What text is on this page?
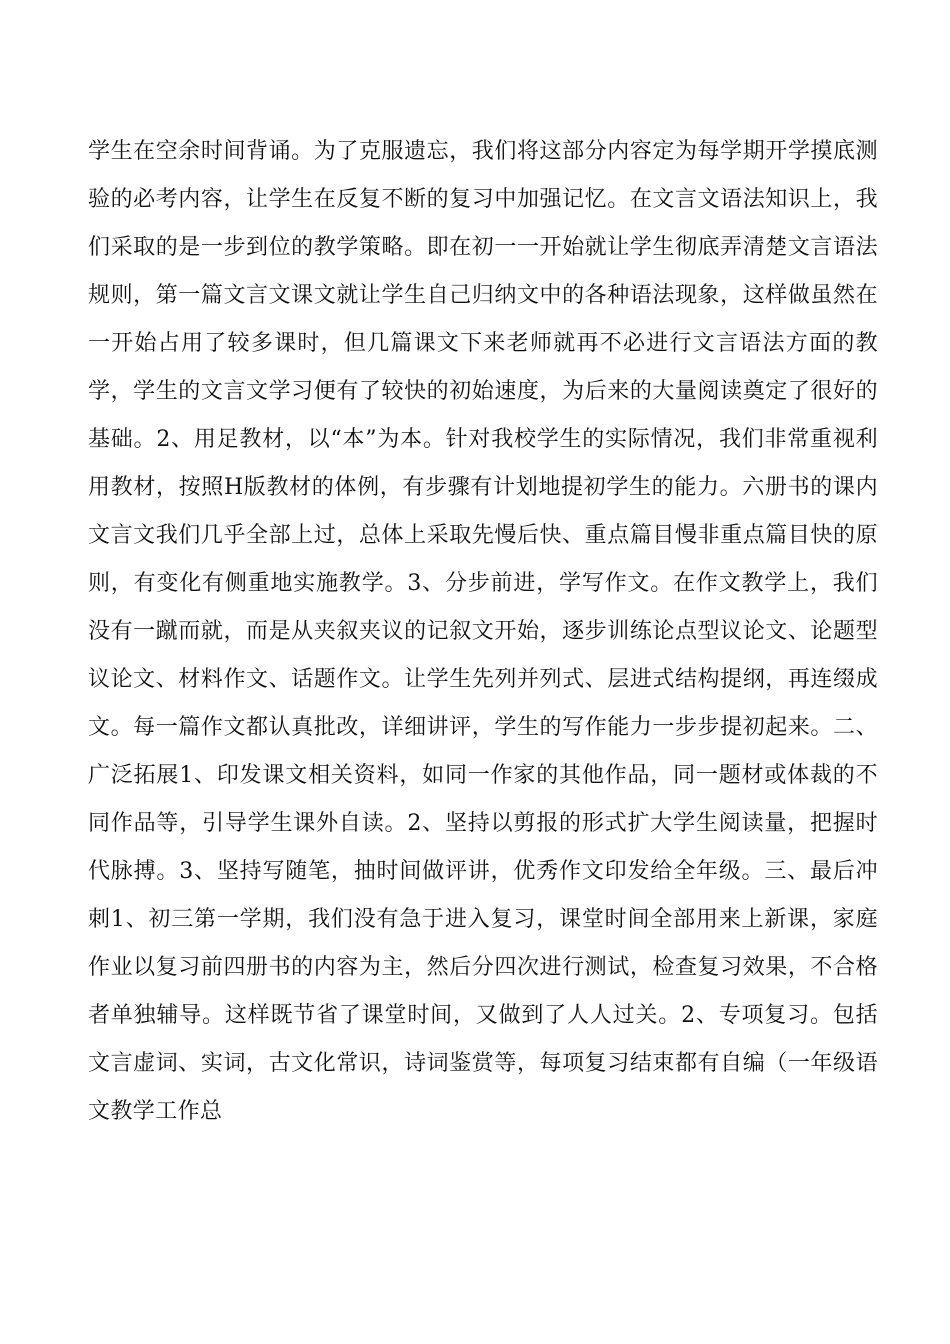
学生在空余时间背诵。为了克服遗忘，我们将这部分内容定为每学期开学摸底测验的必考内容，让学生在反复不断的复习中加强记忆。在文言文语法知识上，我们采取的是一步到位的教学策略。即在初一一开始就让学生彻底弄清楚文言语法规则，第一篇文言文课文就让学生自己归纳文中的各种语法现象，这样做虽然在一开始占用了较多课时，但几篇课文下来老师就再不必进行文言语法方面的教学，学生的文言文学习便有了较快的初始速度，为后来的大量阅读奠定了很好的基础。2、用足教材，以“本”为本。针对我校学生的实际情况，我们非常重视利用教材，按照H版教材的体例，有步骤有计划地提初学生的能力。六册书的课内文言文我们几乎全部上过，总体上采取先慢后快、重点篇目慢非重点篇目快的原则，有变化有侧重地实施教学。3、分步前进，学写作文。在作文教学上，我们没有一蹴而就，而是从夹叙夹议的记叙文开始，逐步训练论点型议论文、论题型议论文、材料作文、话题作文。让学生先列并列式、层进式结构提纲，再连缀成文。每一篇作文都认真批改，详细讲评，学生的写作能力一步步提初起来。二、广泛拓展1、印发课文相关资料，如同一作家的其他作品，同一题材或体裁的不同作品等，引导学生课外自读。2、坚持以剪报的形式扩大学生阅读量，把握时代脉搏。3、坚持写随笔，抽时间做评讲，优秀作文印发给全年级。三、最后冲刺1、初三第一学期，我们没有急于进入复习，课堂时间全部用来上新课，家庭作业以复习前四册书的内容为主，然后分四次进行测试，检查复习效果，不合格者单独辅导。这样既节省了课堂时间，又做到了人人过关。2、专项复习。包括文言虚词、实词，古文化常识，诗词鉴赏等，每项复习结束都有自编（一年级语文教学工作总
